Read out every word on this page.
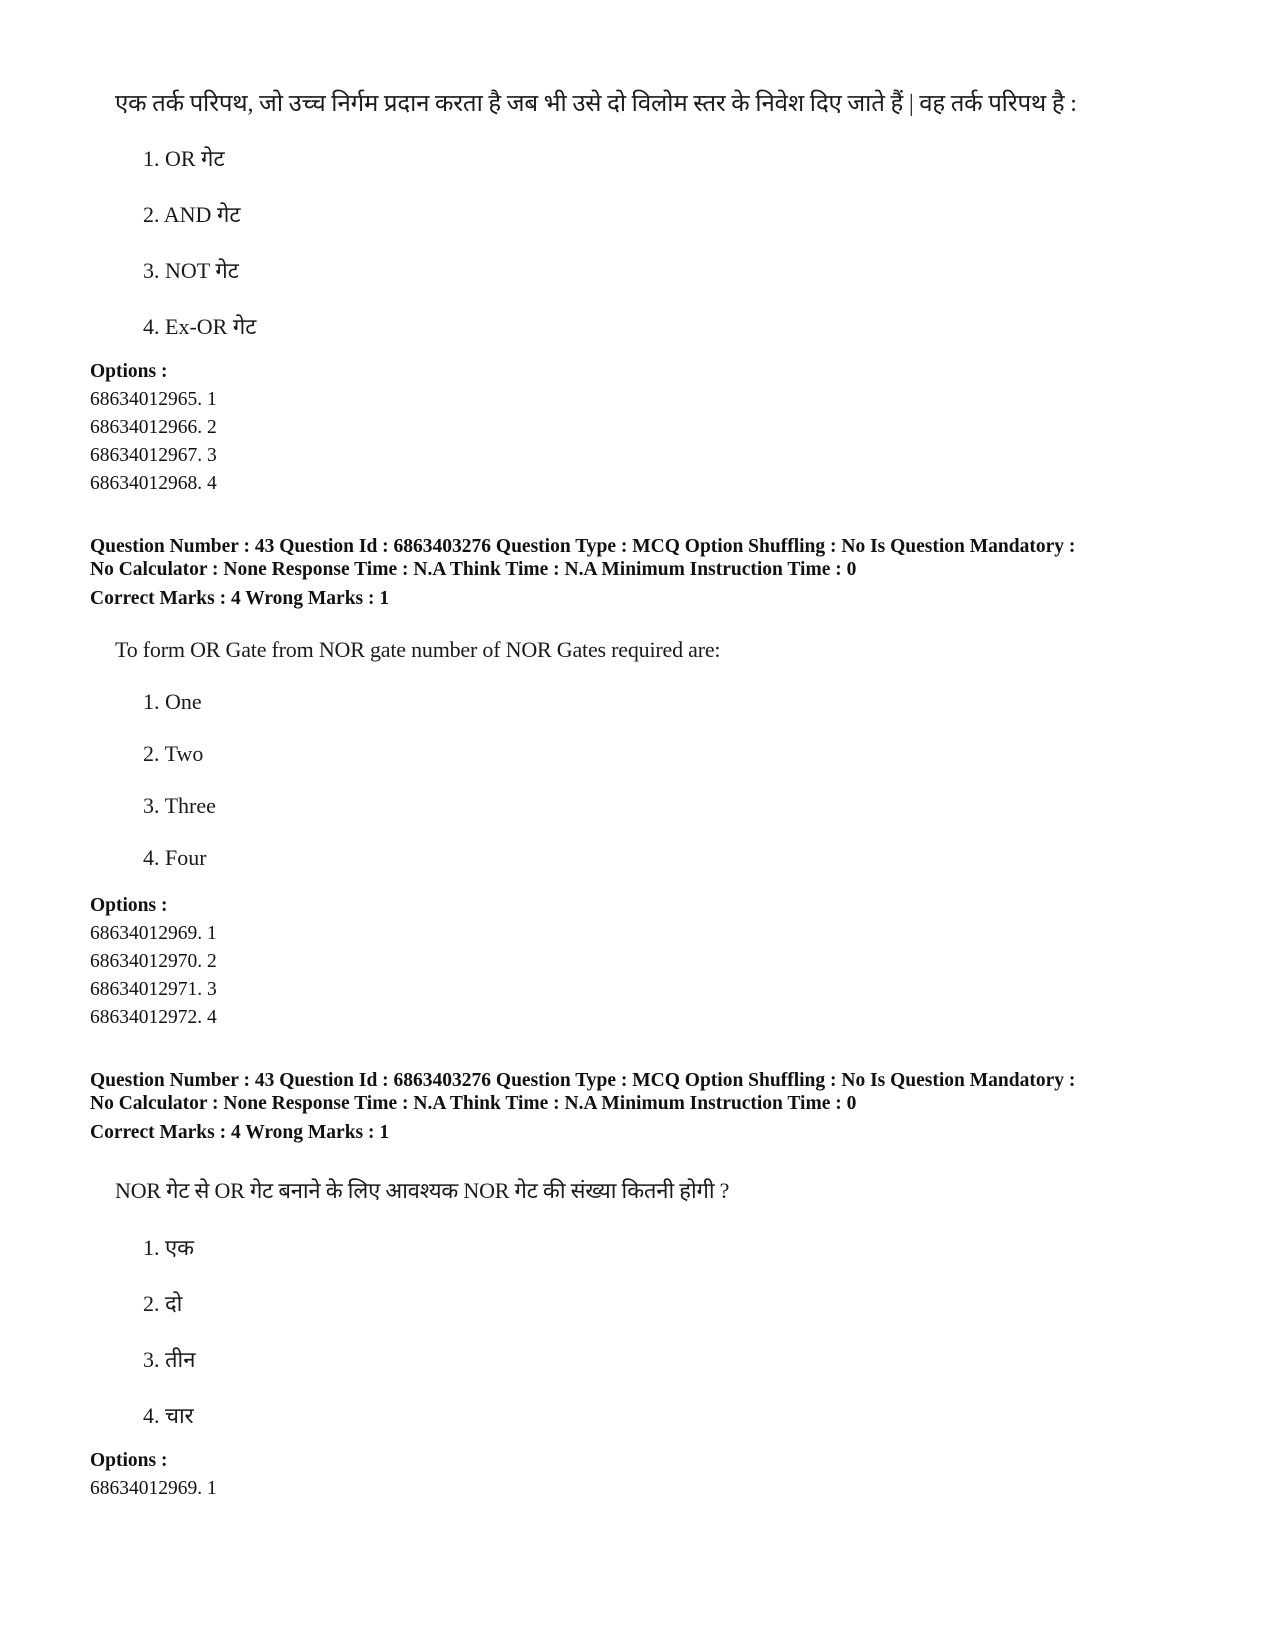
एक तर्क परिपथ, जो उच्च निर्गम प्रदान करता है जब भी उसे दो विलोम स्तर के निवेश दिए जाते हैं | वह तर्क परिपथ है :
1. OR गेट
2. AND गेट
3. NOT गेट
4. Ex-OR गेट
Options :
68634012965. 1
68634012966. 2
68634012967. 3
68634012968. 4
Question Number : 43 Question Id : 6863403276 Question Type : MCQ Option Shuffling : No Is Question Mandatory :
No Calculator : None Response Time : N.A Think Time : N.A Minimum Instruction Time : 0
Correct Marks : 4 Wrong Marks : 1
To form OR Gate from NOR gate number of NOR Gates required are:
1. One
2. Two
3. Three
4. Four
Options :
68634012969. 1
68634012970. 2
68634012971. 3
68634012972. 4
Question Number : 43 Question Id : 6863403276 Question Type : MCQ Option Shuffling : No Is Question Mandatory :
No Calculator : None Response Time : N.A Think Time : N.A Minimum Instruction Time : 0
Correct Marks : 4 Wrong Marks : 1
NOR गेट से OR गेट बनाने के लिए आवश्यक NOR गेट की संख्या कितनी होगी ?
1. एक
2. दो
3. तीन
4. चार
Options :
68634012969. 1
